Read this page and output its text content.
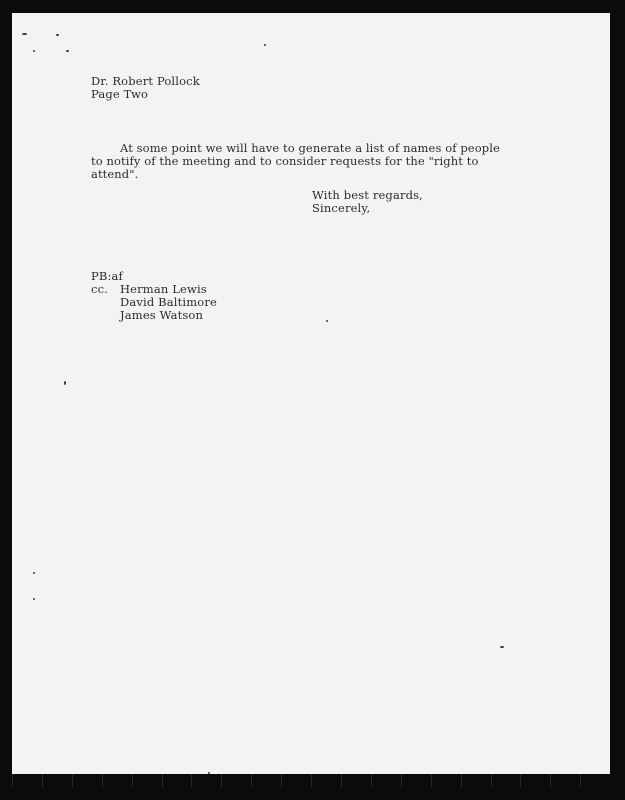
Dr. Robert Pollock
Page Two
At some point we will have to generate a list of names of people
to notify of the meeting and to consider requests for the "right to
attend".
With best regards,
Sincerely,
PB:af
cc. Herman Lewis
David Baltimore
James Watson
